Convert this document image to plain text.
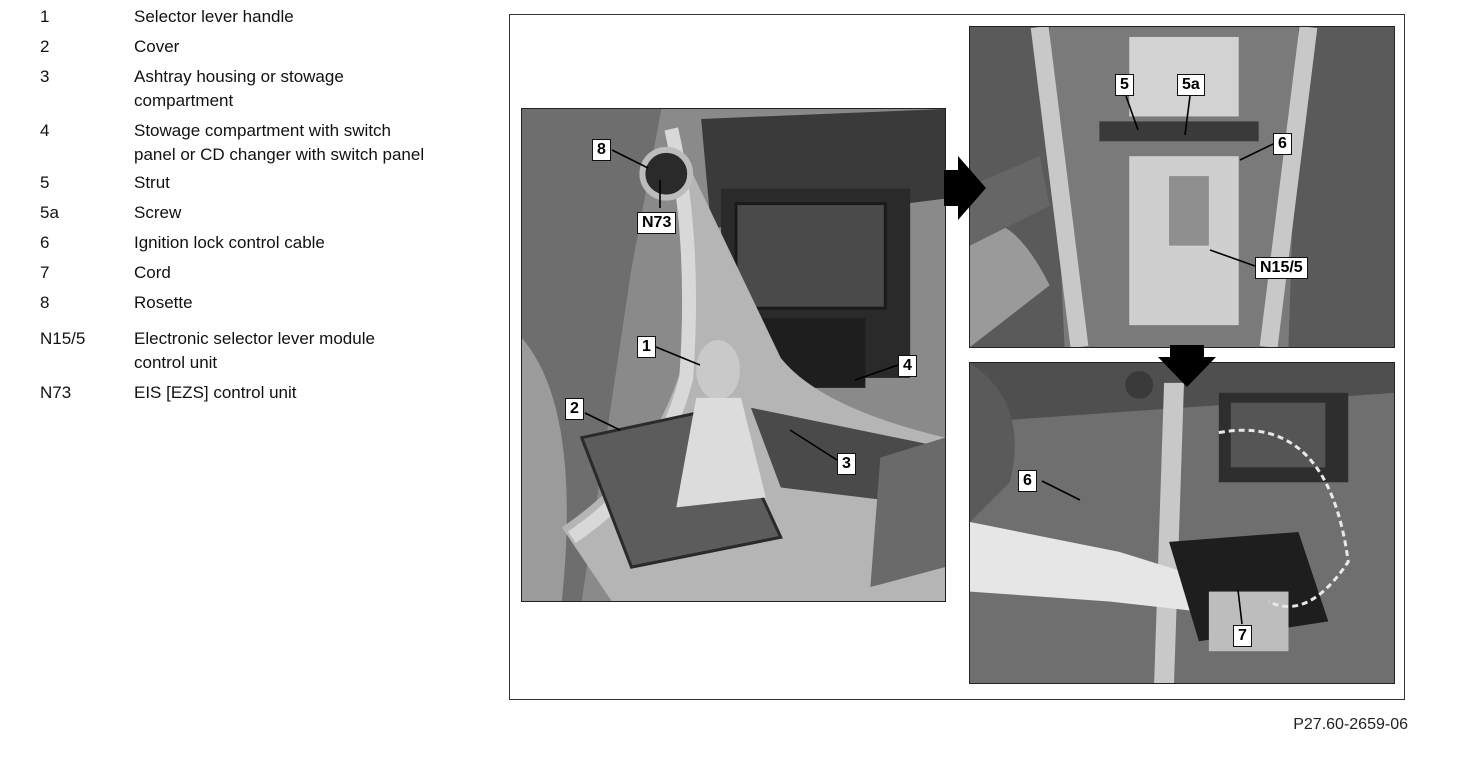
1	Selector lever handle
2	Cover
3	Ashtray housing or stowage compartment
4	Stowage compartment with switch panel or CD changer with switch panel
5	Strut
5a	Screw
6	Ignition lock control cable
7	Cord
8	Rosette
N15/5	Electronic selector lever module control unit
N73	EIS [EZS] control unit
8
N73
1
2
3
4
5	5a
6
N15/5
6
7
P27.60-2659-06
